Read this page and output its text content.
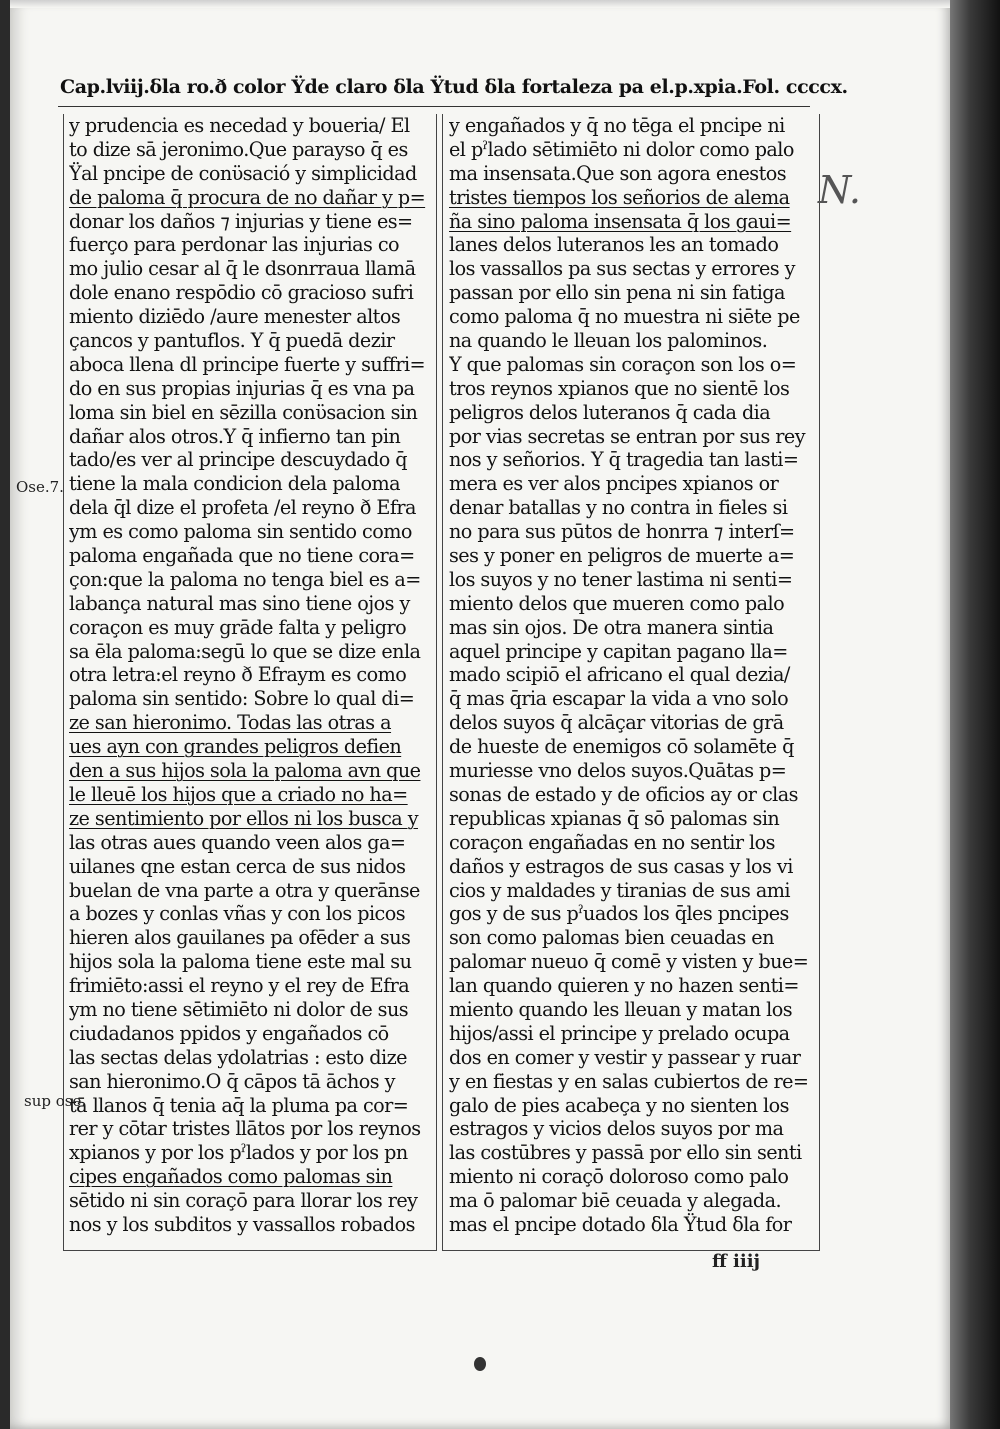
Cap.lviij.δla ro.ð color Ϋde claro δla Ϋtud δla fortaleza pa el.p.xpia. Fol. ccccx.
y prudencia es necedad y boueria/ El
to dize sā jeronimo.Que parayso q̄ es
Ϋal pncipe de conϋsació y simplicidad
de paloma q̄ procura de no dañar y p=
donar los daños ⁊ injurias y tiene es=
fuerço para perdonar las injurias co
mo julio cesar al q̄ le dsonrraua llamā
dole enano respōdio cō gracioso sufri
miento diziēdo /aure menester altos
çancos y pantuflos. Y q̄ puedā dezir
aboca llena dl principe fuerte y suffri=
do en sus propias injurias q̄ es vna pa
loma sin biel en sēzilla conϋsacion sin
dañar alos otros.Y q̄ infierno tan pin
tado/es ver al principe descuydado q̄
tiene la mala condicion dela paloma
dela q̄l dize el profeta /el reyno ð Efra
ym es como paloma sin sentido como
paloma engañada que no tiene cora=
çon:que la paloma no tenga biel es a=
labança natural mas sino tiene ojos y
coraçon es muy grāde falta y peligro
sa ēla paloma:segū lo que se dize enla
otra letra:el reyno ð Efraym es como
paloma sin sentido: Sobre lo qual di=
ze san hieronimo. Todas las otras a
ues ayn con grandes peligros defien
den a sus hijos sola la paloma avn que
le lleuē los hijos que a criado no ha=
ze sentimiento por ellos ni los busca y
las otras aues quando veen alos ga=
uilanes qne estan cerca de sus nidos
buelan de vna parte a otra y querānse
a bozes y conlas vñas y con los picos
hieren alos gauilanes pa ofēder a sus
hijos sola la paloma tiene este mal su
frimiēto:assi el reyno y el rey de Efra
ym no tiene sētimiēto ni dolor de sus
ciudadanos ppidos y engañados cō
las sectas delas ydolatrias : esto dize
san hieronimo.O q̄ cāpos tā āchos y
tā llanos q̄ tenia aq̄ la pluma pa cor=
rer y cōtar tristes llātos por los reynos
xpianos y por los pˀlados y por los pn
cipes engañados como palomas sin
sētido ni sin coraçō para llorar los rey
nos y los subditos y vassallos robados
y engañados y q̄ no tēga el pncipe ni
el pˀlado sētimiēto ni dolor como palo
ma insensata.Que son agora enestos
tristes tiempos los señorios de alema
ña sino paloma insensata q̄ los gaui=
lanes delos luteranos les an tomado
los vassallos pa sus sectas y errores y
passan por ello sin pena ni sin fatiga
como paloma q̄ no muestra ni siēte pe
na quando le lleuan los palominos.
Y que palomas sin coraçon son los o=
tros reynos xpianos que no sientē los
peligros delos luteranos q̄ cada dia
por vias secretas se entran por sus rey
nos y señorios. Y q̄ tragedia tan lasti=
mera es ver alos pncipes xpianos or
denar batallas y no contra in fieles si
no para sus pūtos de honrra ⁊ interſ=
ses y poner en peligros de muerte a=
los suyos y no tener lastima ni senti=
miento delos que mueren como palo
mas sin ojos. De otra manera sintia
aquel principe y capitan pagano lla=
mado scipiō el africano el qual dezia/
q̄ mas q̄ria escapar la vida a vno solo
delos suyos q̄ alcāçar vitorias de grā
de hueste de enemigos cō solamēte q̄
muriesse vno delos suyos.Quātas p=
sonas de estado y de oficios ay or clas
republicas xpianas q̄ sō palomas sin
coraçon engañadas en no sentir los
daños y estragos de sus casas y los vi
cios y maldades y tiranias de sus ami
gos y de sus pˀuados los q̄les pncipes
son como palomas bien ceuadas en
palomar nueuo q̄ comē y visten y bue=
lan quando quieren y no hazen senti=
miento quando les lleuan y matan los
hijos/assi el principe y prelado ocupa
dos en comer y vestir y passear y ruar
y en fiestas y en salas cubiertos de re=
galo de pies acabeça y no sienten los
estragos y vicios delos suyos por ma
las costūbres y passā por ello sin senti
miento ni coraçō doloroso como palo
ma ō palomar biē ceuada y alegada.
mas el pncipe dotado δla Ϋtud δla for
Ose.7.
sup ose.
N.
ff iiij
